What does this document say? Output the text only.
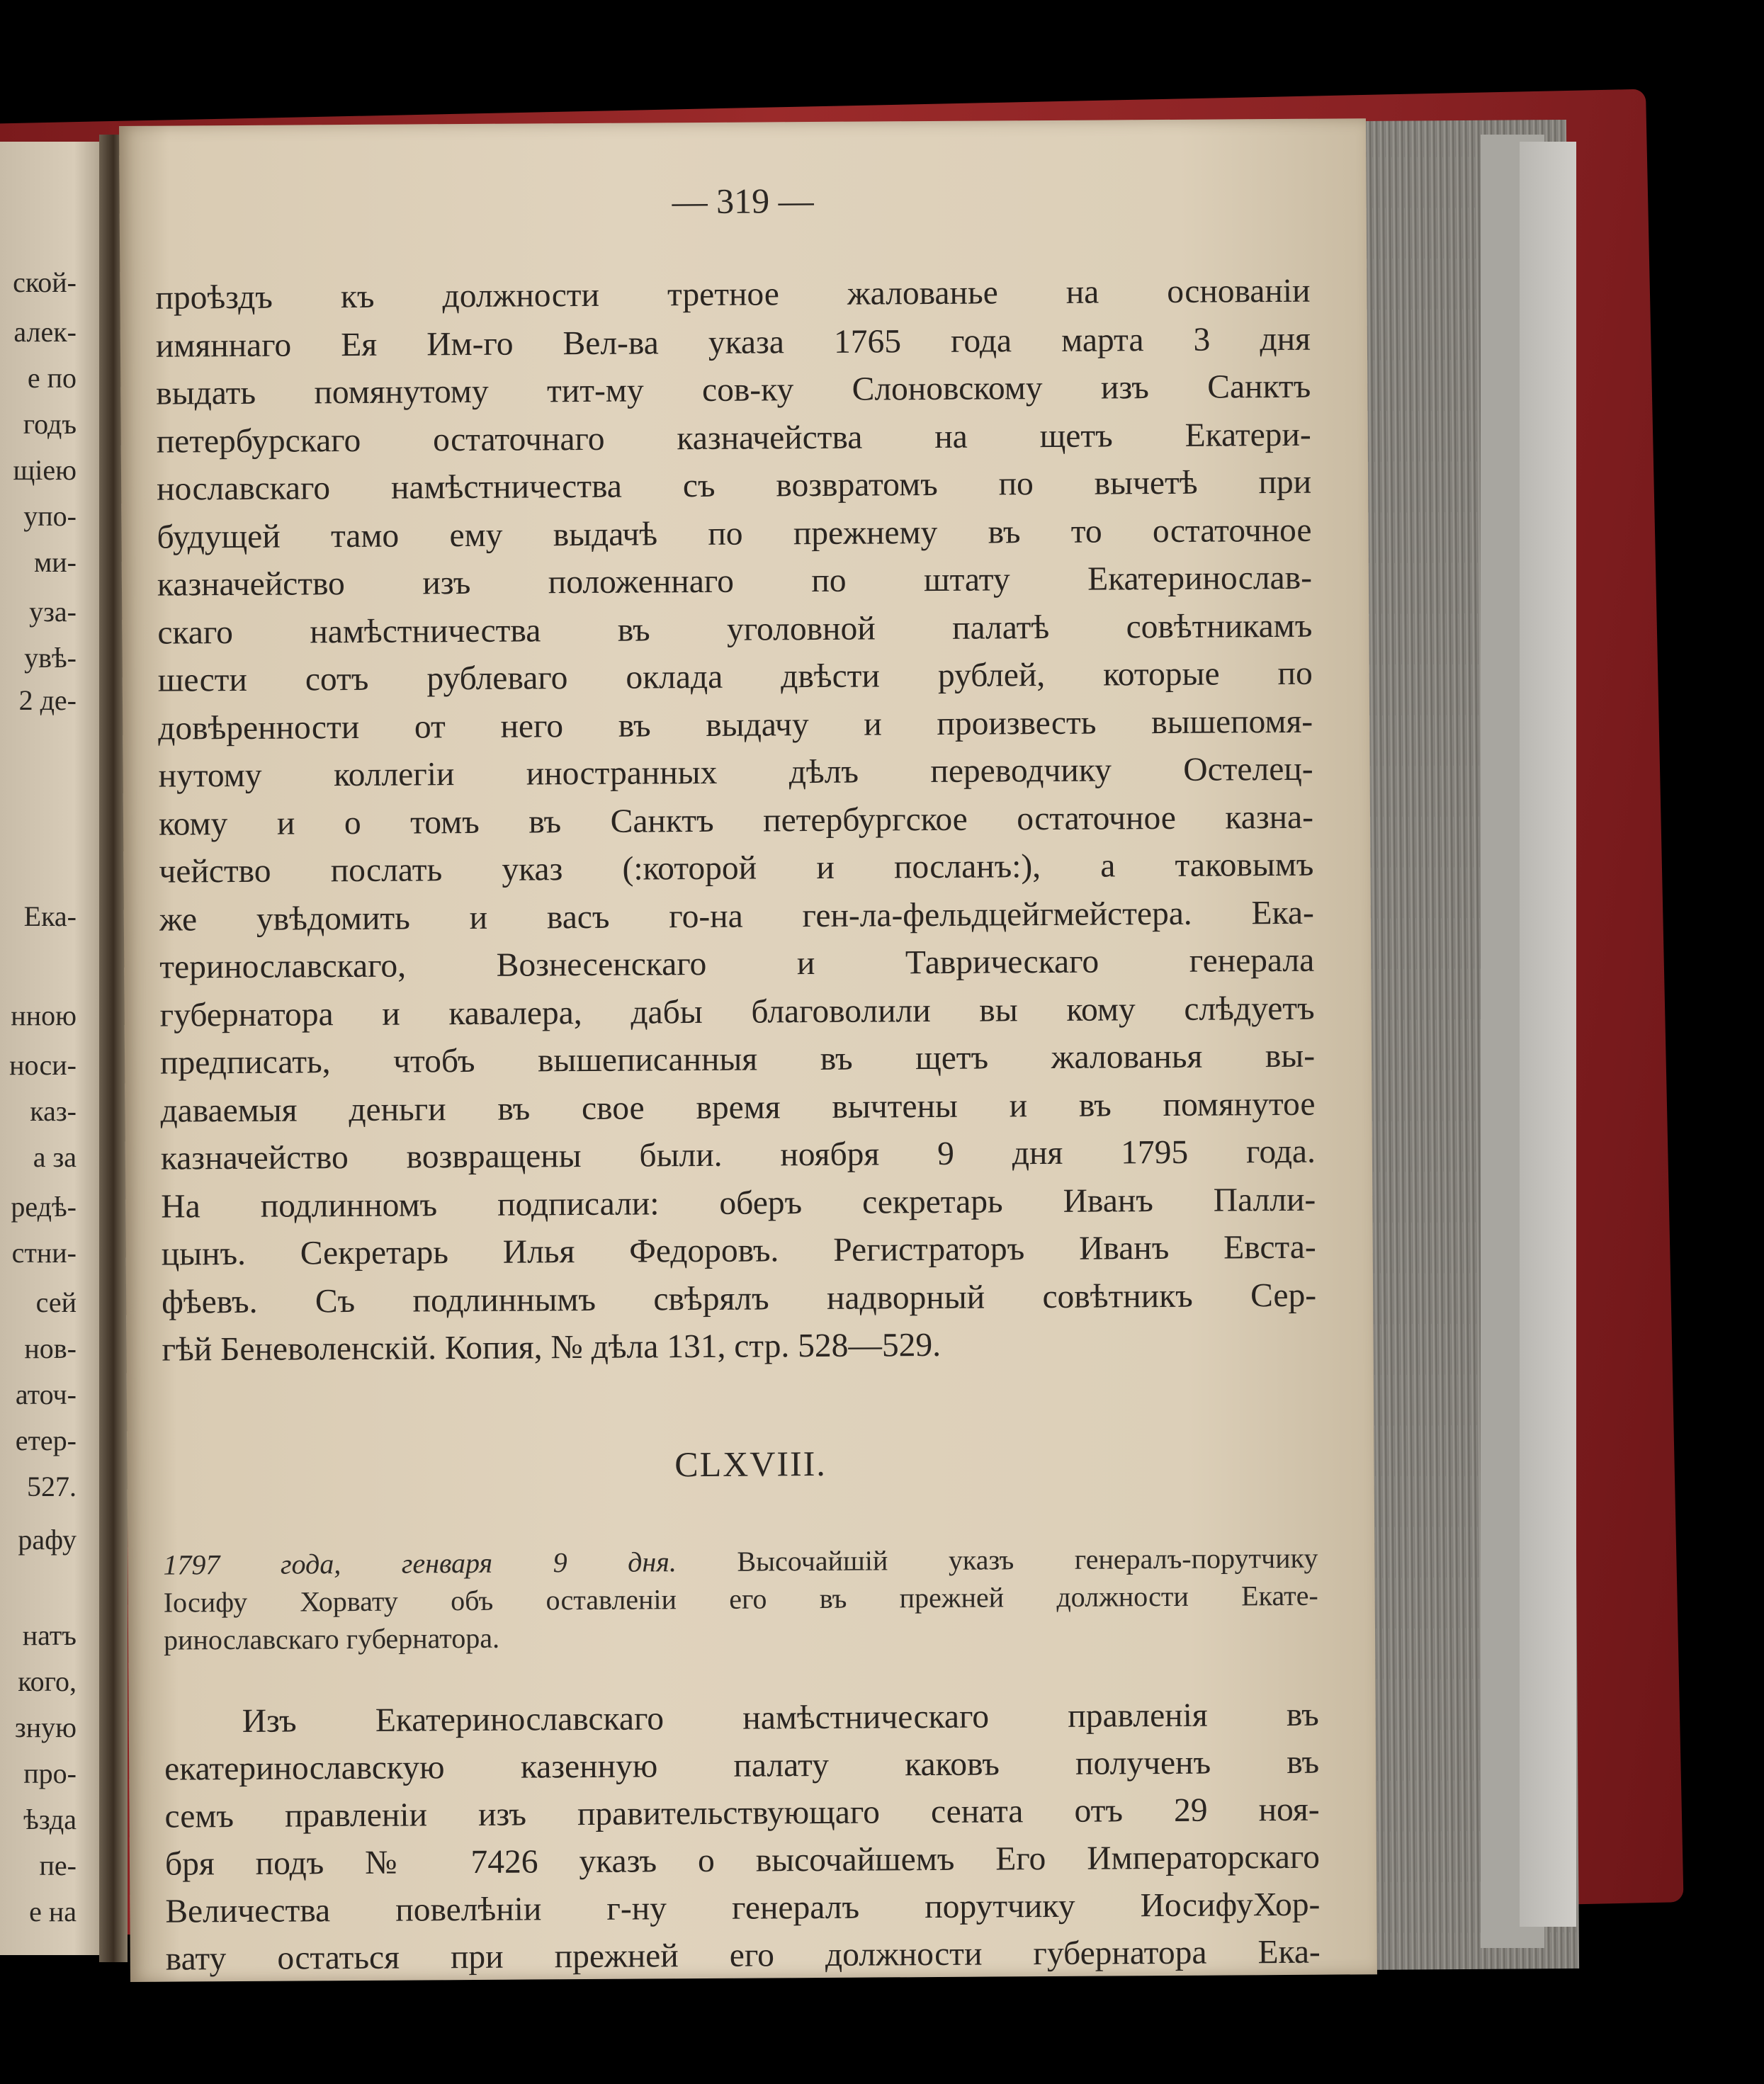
ской-
алек-
е по
годъ
щiею
упо-
ми-
уза-
увѣ-
2 де-
Ека-
нною
носи-
каз-
а за
редѣ-
стни-
сей
нов-
аточ-
етер-
527.
рафу
натъ
кого,
зную
про-
ѣзда
пе-
е на
— 319 —
проѣздъ къ должности третное жалованье на основанiи
имяннаго Ея Им-го Вел-ва указа 1765 года марта 3 дня
выдать помянутому тит-му сов-ку Слоновскому изъ Санктъ
петербурскаго остаточнаго казначейства на щетъ Екатери-
нославскаго намѣстничества съ возвратомъ по вычетѣ при
будущей тамо ему выдачѣ по прежнему въ то остаточное
казначейство изъ положеннаго по штату Екатеринослав-
скаго намѣстничества въ уголовной палатѣ совѣтникамъ
шести сотъ рублеваго оклада двѣсти рублей, которые по
довѣренности от него въ выдачу и произвесть вышепомя-
нутому коллегiи иностранных дѣлъ переводчику Остелец-
кому и о томъ въ Санктъ петербургское остаточное казна-
чейство послать указ (:которой и посланъ:), а таковымъ
же увѣдомить и васъ го-на ген-ла-фельдцейгмейстера. Ека-
теринославскаго, Вознесенскаго и Таврическаго генерала
губернатора и кавалера, дабы благоволили вы кому слѣдуетъ
предписать, чтобъ вышеписанныя въ щетъ жалованья вы-
даваемыя деньги въ свое время вычтены и въ помянутое
казначейство возвращены были. ноября 9 дня 1795 года.
На подлинномъ подписали: оберъ секретарь Иванъ Палли-
цынъ. Секретарь Илья Федоровъ. Регистраторъ Иванъ Евста-
фѣевъ. Съ подлиннымъ свѣрялъ надворный совѣтникъ Сер-
гѣй Беневоленскiй. Копия, № дѣла 131, стр. 528—529.
CLXVIII.
1797 года, генваря 9 дня. Высочайшiй указъ генералъ-порутчику
Iосифу Хорвату объ оставленiи его въ прежней должности Екате-
ринославскаго губернатора.
Изъ Екатеринославскаго намѣстническаго правленiя въ
екатеринославскую казенную палату каковъ полученъ въ
семъ правленiи изъ правительствующаго сената отъ 29 ноя-
бря подъ № 7426 указъ о высочайшемъ Его Императорскаго
Величества повелѣнiи г-ну генералъ порутчику ИосифуХор-
вату остаться при прежней его должности губернатора Ека-
